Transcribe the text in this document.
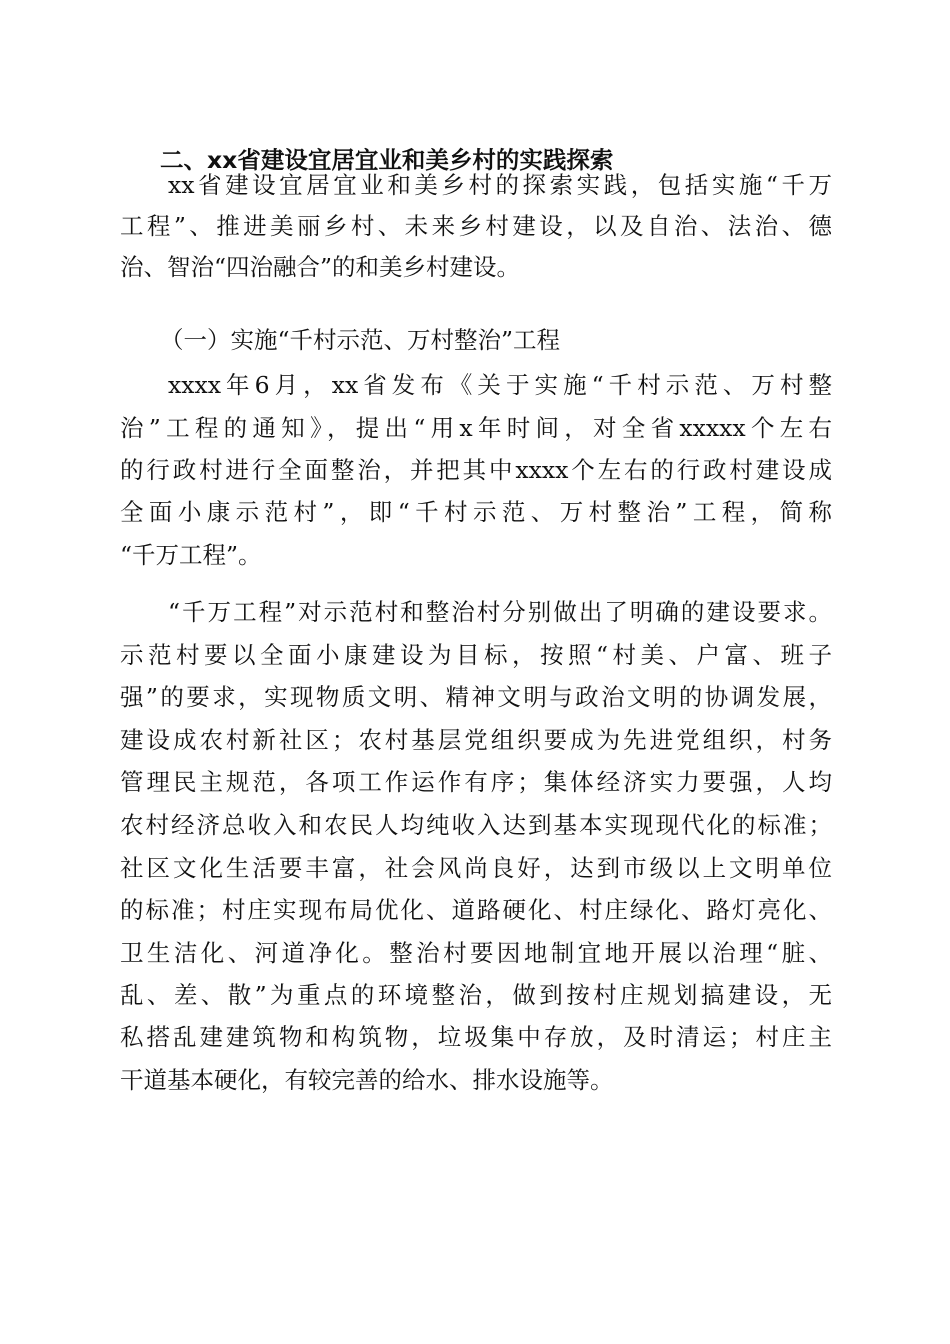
二、xx省建设宜居宜业和美乡村的实践探索
xx省建设宜居宜业和美乡村的探索实践，包括实施“千万
工程”、推进美丽乡村、未来乡村建设，以及自治、法治、德
治、智治“四治融合”的和美乡村建设。
（一）实施“千村示范、万村整治”工程
xxxx年6月，xx省发布《关于实施“千村示范、万村整
治”工程的通知》，提出“用x年时间，对全省xxxxx个左右
的行政村进行全面整治，并把其中xxxx个左右的行政村建设成
全面小康示范村”，即“千村示范、万村整治”工程，简称
“千万工程”。
“千万工程”对示范村和整治村分别做出了明确的建设要求。
示范村要以全面小康建设为目标，按照“村美、户富、班子
强”的要求，实现物质文明、精神文明与政治文明的协调发展，
建设成农村新社区；农村基层党组织要成为先进党组织，村务
管理民主规范，各项工作运作有序；集体经济实力要强，人均
农村经济总收入和农民人均纯收入达到基本实现现代化的标准；
社区文化生活要丰富，社会风尚良好，达到市级以上文明单位
的标准；村庄实现布局优化、道路硬化、村庄绿化、路灯亮化、
卫生洁化、河道净化。整治村要因地制宜地开展以治理“脏、
乱、差、散”为重点的环境整治，做到按村庄规划搞建设，无
私搭乱建建筑物和构筑物，垃圾集中存放，及时清运；村庄主
干道基本硬化，有较完善的给水、排水设施等。
